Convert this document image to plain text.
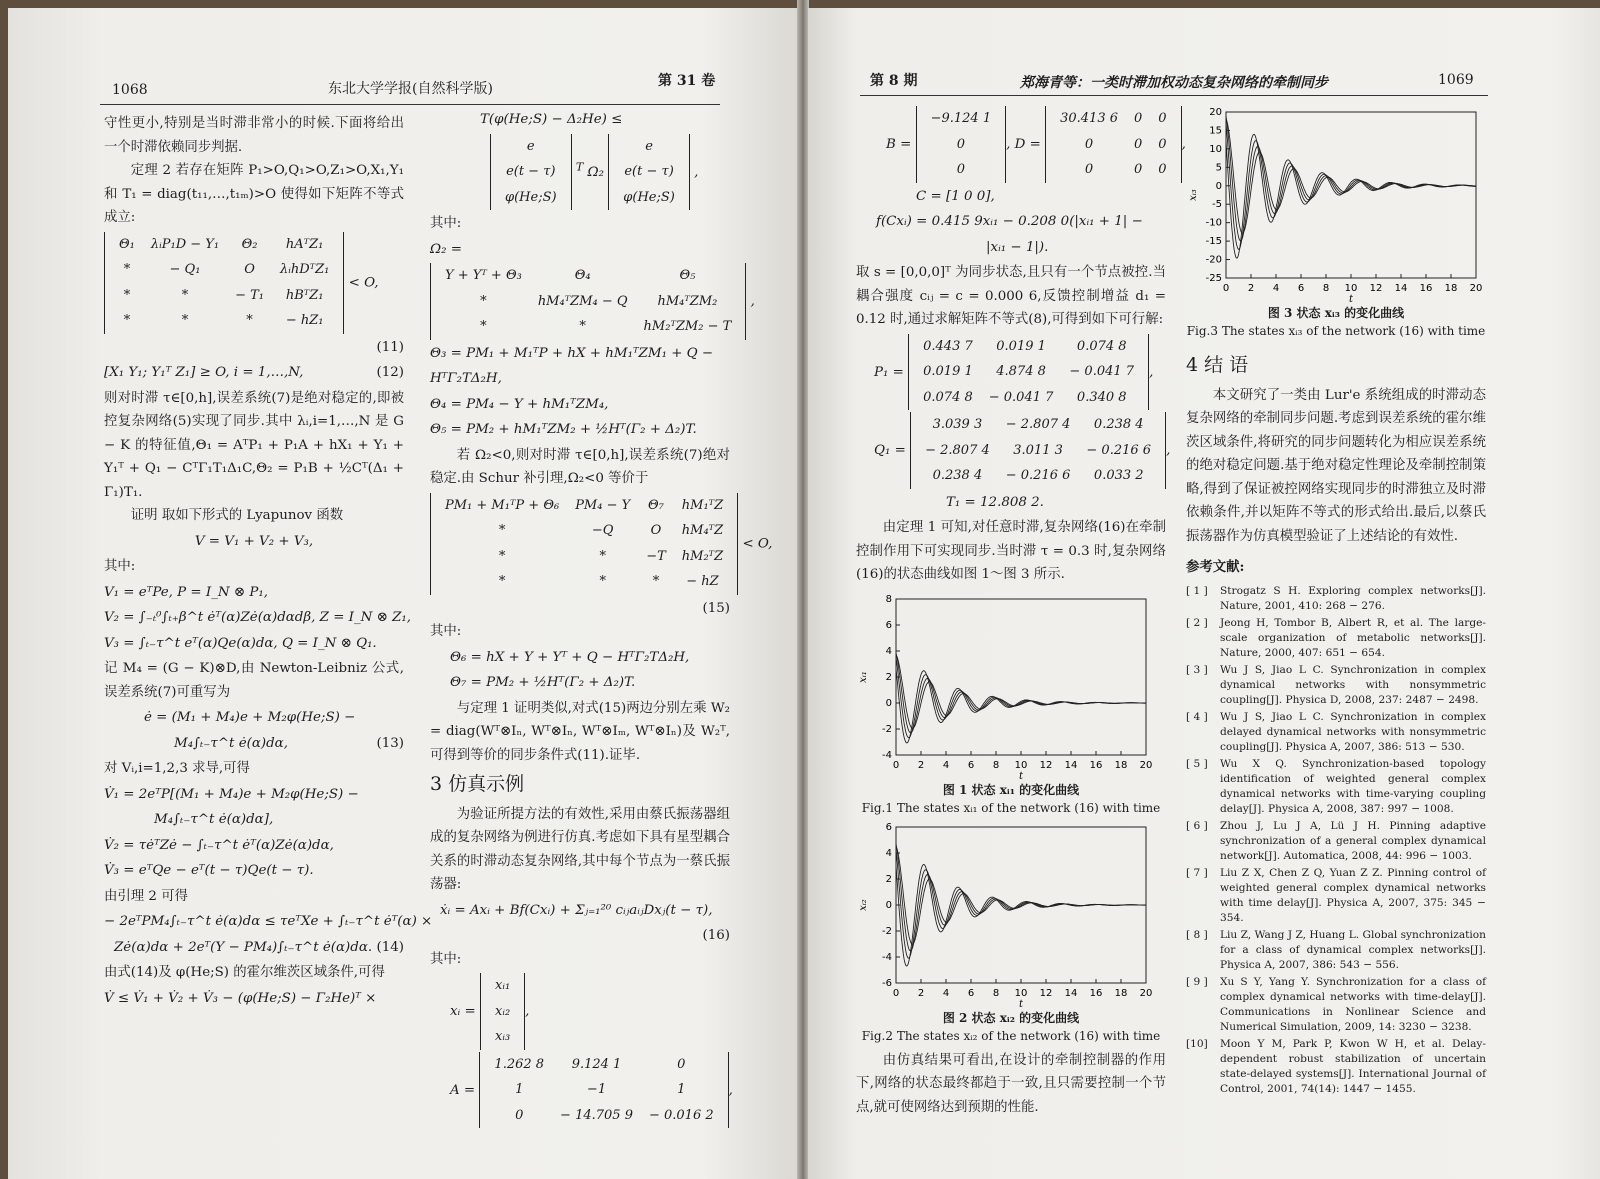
1068	东北大学学报(自然科学版)	第 31 卷

守性更小,特别是当时滞非常小的时候.下面将给出一个时滞依赖同步判据.

定理 2 若存在矩阵 P₁>O,Q₁>O,Z₁>O,X₁,Y₁ 和 T₁ = diag(t₁₁,…,t₁ₘ)>O 使得如下矩阵不等式成立:

Θ₁	λᵢP₁D − Y₁	Θ₂	hAᵀZ₁
*	− Q₁	O	λᵢhDᵀZ₁
*	*	− T₁	hBᵀZ₁
*	*	*	− hZ₁
< O,
(11)
[X₁ Y₁; Y₁ᵀ Z₁] ≥ O, i = 1,…,N,	(12)

则对时滞 τ∈[0,h],误差系统(7)是绝对稳定的,即被控复杂网络(5)实现了同步.其中 λᵢ,i=1,…,N 是 G − K 的特征值,Θ₁ = AᵀP₁ + P₁A + hX₁ + Y₁ + Y₁ᵀ + Q₁ − CᵀΓ₁T₁Δ₁C,Θ₂ = P₁B + ½Cᵀ(Δ₁ + Γ₁)T₁.

证明 取如下形式的 Lyapunov 函数

V = V₁ + V₂ + V₃,

其中:

V₁ = eᵀPe, P = I_N ⊗ P₁,
V₂ = ∫₋ₜ⁰∫ₜ₊β^t ėᵀ(α)Zė(α)dαdβ, Z = I_N ⊗ Z₁,
V₃ = ∫ₜ₋τ^t eᵀ(α)Qe(α)dα, Q = I_N ⊗ Q₁.

记 M₄ = (G − K)⊗D,由 Newton-Leibniz 公式,误差系统(7)可重写为

ė = (M₁ + M₄)e + M₂φ(He;S) −
M₄∫ₜ₋τ^t ė(α)dα,	(13)

对 Vᵢ,i=1,2,3 求导,可得

V̇₁ = 2eᵀP[(M₁ + M₄)e + M₂φ(He;S) −
M₄∫ₜ₋τ^t ė(α)dα],
V̇₂ = τėᵀZė − ∫ₜ₋τ^t ėᵀ(α)Zė(α)dα,
V̇₃ = eᵀQe − eᵀ(t − τ)Qe(t − τ).

由引理 2 可得

− 2eᵀPM₄∫ₜ₋τ^t ė(α)dα ≤ τeᵀXe + ∫ₜ₋τ^t ėᵀ(α) ×
Zė(α)dα + 2eᵀ(Y − PM₄)∫ₜ₋τ^t ė(α)dα. (14)

由式(14)及 φ(He;S) 的霍尔维茨区域条件,可得

V̇ ≤ V̇₁ + V̇₂ + V̇₃ − (φ(He;S) − Γ₂He)ᵀ ×
Τ(φ(He;S) − Δ₂He) ≤
e
e(t − τ)
φ(He;S)
$^T$ Ω₂
e
e(t − τ)
φ(He;S)
,

其中:

Ω₂ =
Y + Yᵀ + Θ₃	Θ₄	Θ₅
*	hM₄ᵀZM₄ − Q	hM₄ᵀZM₂
*	*	hM₂ᵀZM₂ − T
,
Θ₃ = PM₁ + M₁ᵀP + hX + hM₁ᵀZM₁ + Q −
HᵀΓ₂TΔ₂H,
Θ₄ = PM₄ − Y + hM₁ᵀZM₄,
Θ₅ = PM₂ + hM₁ᵀZM₂ + ½Hᵀ(Γ₂ + Δ₂)T.

若 Ω₂<0,则对时滞 τ∈[0,h],误差系统(7)绝对稳定.由 Schur 补引理,Ω₂<0 等价于

PM₁ + M₁ᵀP + Θ₆	PM₄ − Y	Θ₇	hM₁ᵀZ
*	−Q	O	hM₄ᵀZ
*	*	−T	hM₂ᵀZ
*	*	*	− hZ
< O,
(15)

其中:

Θ₆ = hX + Y + Yᵀ + Q − HᵀΓ₂TΔ₂H,
Θ₇ = PM₂ + ½Hᵀ(Γ₂ + Δ₂)T.

与定理 1 证明类似,对式(15)两边分别左乘 W₂ = diag(Wᵀ⊗Iₙ, Wᵀ⊗Iₙ, Wᵀ⊗Iₘ, Wᵀ⊗Iₙ)及 W₂ᵀ,可得到等价的同步条件式(11).证毕.

3 仿真示例

为验证所提方法的有效性,采用由蔡氏振荡器组成的复杂网络为例进行仿真.考虑如下具有星型耦合关系的时滞动态复杂网络,其中每个节点为一蔡氏振荡器:

ẋᵢ = Axᵢ + Bf(Cxᵢ) + Σⱼ₌₁²⁰ cᵢⱼaᵢⱼDxⱼ(t − τ),
(16)

其中:

xᵢ =
xᵢ₁
xᵢ₂
xᵢ₃
,
A =
1.262 8	9.124 1	0
1	−1	1
0	− 14.705 9	− 0.016 2
,
第 8 期	郑海青等：一类时滞加权动态复杂网络的牵制同步	1069
B =
−9.124 1
0
0
, D =
30.413 6	0	0
0	0	0
0	0	0
,
C = [1 0 0],
f(Cxᵢ) = 0.415 9xᵢ₁ − 0.208 0(|xᵢ₁ + 1| −
|xᵢ₁ − 1|).

取 s = [0,0,0]ᵀ 为同步状态,且只有一个节点被控.当耦合强度 cᵢⱼ = c = 0.000 6,反馈控制增益 d₁ = 0.12 时,通过求解矩阵不等式(8),可得到如下可行解:

P₁ =
0.443 7	0.019 1	0.074 8
0.019 1	4.874 8	− 0.041 7
0.074 8	− 0.041 7	0.340 8
,
Q₁ =
3.039 3	− 2.807 4	0.238 4
− 2.807 4	3.011 3	− 0.216 6
0.238 4	− 0.216 6	0.033 2
,
T₁ = 12.808 2.

由定理 1 可知,对任意时滞,复杂网络(16)在牵制控制作用下可实现同步.当时滞 τ = 0.3 时,复杂网络(16)的状态曲线如图 1～图 3 所示.

0 2 4 6 8 10 12 14 16 18 20
-4
-2
0
2
4
6
8
t
xᵢ₁
图 1 状态 xᵢ₁ 的变化曲线
Fig.1 The states xᵢ₁ of the network (16) with time
0 2 4 6 8 10 12 14 16 18 20
-6
-4
-2
0
2
4
6
t
xᵢ₂
图 2 状态 xᵢ₂ 的变化曲线
Fig.2 The states xᵢ₂ of the network (16) with time

由仿真结果可看出,在设计的牵制控制器的作用下,网络的状态最终都趋于一致,且只需要控制一个节点,就可使网络达到预期的性能.

0 2 4 6 8 10 12 14 16 18 20
-25
-20
-15
-10
-5
0
5
10
15
20
t
xᵢ₃
图 3 状态 xᵢ₃ 的变化曲线
Fig.3 The states xᵢ₃ of the network (16) with time
4 结 语

本文研究了一类由 Lur'e 系统组成的时滞动态复杂网络的牵制同步问题.考虑到误差系统的霍尔维茨区域条件,将研究的同步问题转化为相应误差系统的绝对稳定问题.基于绝对稳定性理论及牵制控制策略,得到了保证被控网络实现同步的时滞独立及时滞依赖条件,并以矩阵不等式的形式给出.最后,以蔡氏振荡器作为仿真模型验证了上述结论的有效性.

参考文献:

[ 1 ] Strogatz S H. Exploring complex networks[J]. Nature, 2001, 410: 268 − 276.
[ 2 ] Jeong H, Tombor B, Albert R, et al. The large-scale organization of metabolic networks[J]. Nature, 2000, 407: 651 − 654.
[ 3 ] Wu J S, Jiao L C. Synchronization in complex dynamical networks with nonsymmetric coupling[J]. Physica D, 2008, 237: 2487 − 2498.
[ 4 ] Wu J S, Jiao L C. Synchronization in complex delayed dynamical networks with nonsymmetric coupling[J]. Physica A, 2007, 386: 513 − 530.
[ 5 ] Wu X Q. Synchronization-based topology identification of weighted general complex dynamical networks with time-varying coupling delay[J]. Physica A, 2008, 387: 997 − 1008.
[ 6 ] Zhou J, Lu J A, Lü J H. Pinning adaptive synchronization of a general complex dynamical network[J]. Automatica, 2008, 44: 996 − 1003.
[ 7 ] Liu Z X, Chen Z Q, Yuan Z Z. Pinning control of weighted general complex dynamical networks with time delay[J]. Physica A, 2007, 375: 345 − 354.
[ 8 ] Liu Z, Wang J Z, Huang L. Global synchronization for a class of dynamical complex networks[J]. Physica A, 2007, 386: 543 − 556.
[ 9 ] Xu S Y, Yang Y. Synchronization for a class of complex dynamical networks with time-delay[J]. Communications in Nonlinear Science and Numerical Simulation, 2009, 14: 3230 − 3238.
[10] Moon Y M, Park P, Kwon W H, et al. Delay-dependent robust stabilization of uncertain state-delayed systems[J]. International Journal of Control, 2001, 74(14): 1447 − 1455.
